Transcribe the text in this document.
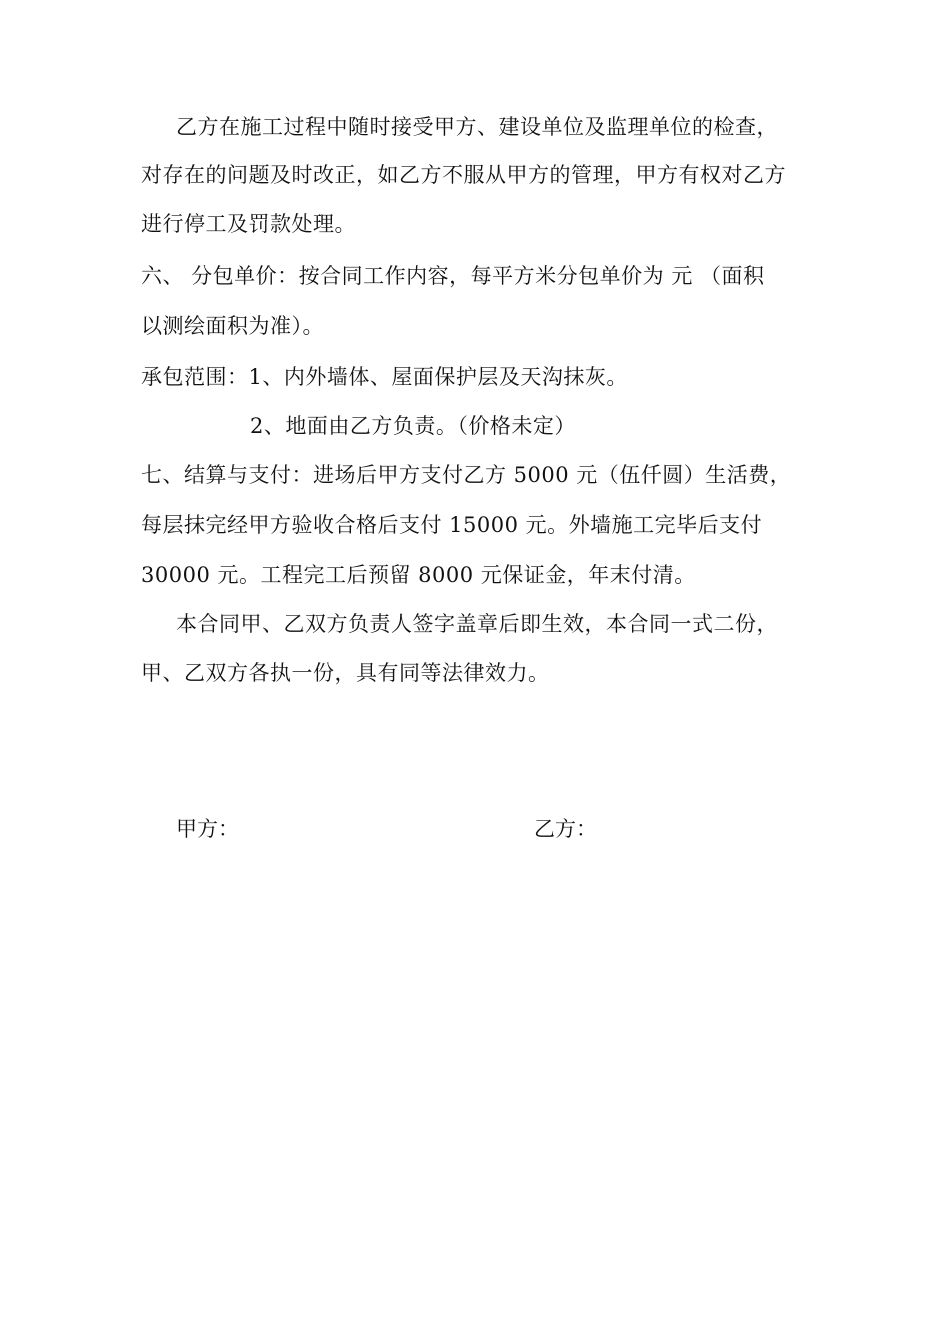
乙方在施工过程中随时接受甲方、建设单位及监理单位的检查，
对存在的问题及时改正，如乙方不服从甲方的管理，甲方有权对乙方
进行停工及罚款处理。
六、 分包单价：按合同工作内容，每平方米分包单价为 元 （面积
以测绘面积为准）。
承包范围：1、内外墙体、屋面保护层及天沟抹灰。
2、地面由乙方负责。（价格未定）
七、结算与支付：进场后甲方支付乙方 5000 元（伍仟圆）生活费，
每层抹完经甲方验收合格后支付 15000 元。外墙施工完毕后支付
30000 元。工程完工后预留 8000 元保证金，年末付清。
本合同甲、乙双方负责人签字盖章后即生效，本合同一式二份，
甲、乙双方各执一份，具有同等法律效力。
甲方：	乙方：
